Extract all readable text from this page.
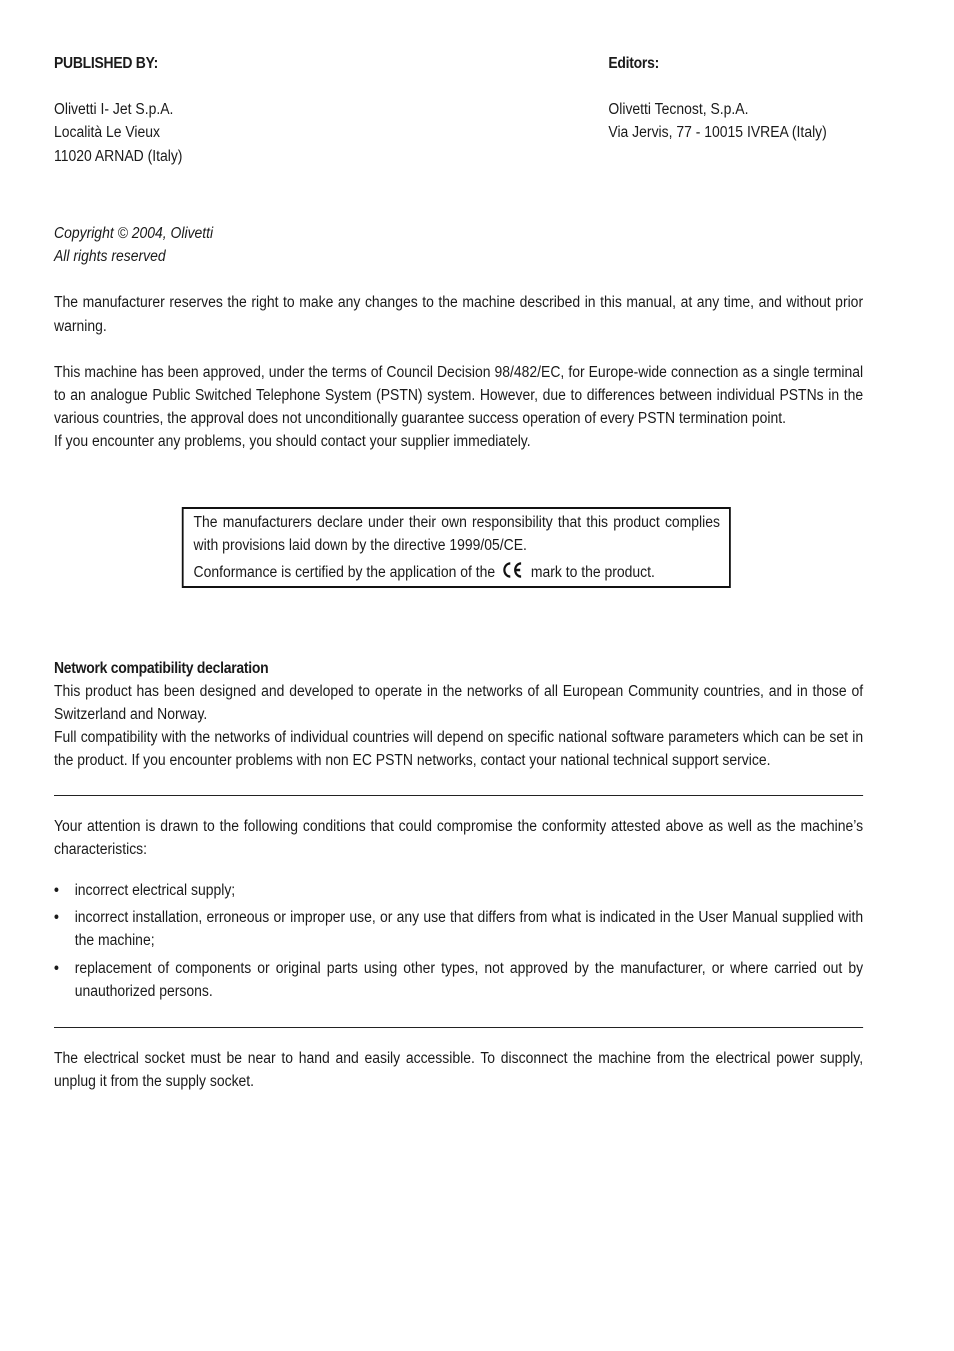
PUBLISHED BY:
Olivetti I- Jet S.p.A.
Località Le Vieux
11020 ARNAD (Italy)
Editors:
Olivetti Tecnost, S.p.A.
Via Jervis, 77 - 10015 IVREA (Italy)

Copyright © 2004, Olivetti

All rights reserved

The manufacturer reserves the right to make any changes to the machine described in this manual, at any time, and without prior warning.

This machine has been approved, under the terms of Council Decision 98/482/EC, for Europe-wide connection as a single terminal to an analogue Public Switched Telephone System (PSTN) system. However, due to differences between individual PSTNs in the various countries, the approval does not unconditionally guarantee success operation of every PSTN termination point.

If you encounter any problems, you should contact your supplier immediately.

The manufacturers declare under their own responsibility that this product complies with provisions laid down by the directive 1999/05/CE.

Conformance is certified by the application of the mark to the product.

Network compatibility declaration

This product has been designed and developed to operate in the networks of all European Community countries, and in those of Switzerland and Norway.

Full compatibility with the networks of individual countries will depend on specific national software parameters which can be set in the product. If you encounter problems with non EC PSTN networks, contact your national technical support service.

Your attention is drawn to the following conditions that could compromise the conformity attested above as well as the machine’s characteristics:

• incorrect electrical supply;
• incorrect installation, erroneous or improper use, or any use that differs from what is indicated in the User Manual supplied with the machine;
• replacement of components or original parts using other types, not approved by the manufacturer, or where carried out by unauthorized persons.

The electrical socket must be near to hand and easily accessible. To disconnect the machine from the electrical power supply, unplug it from the supply socket.
